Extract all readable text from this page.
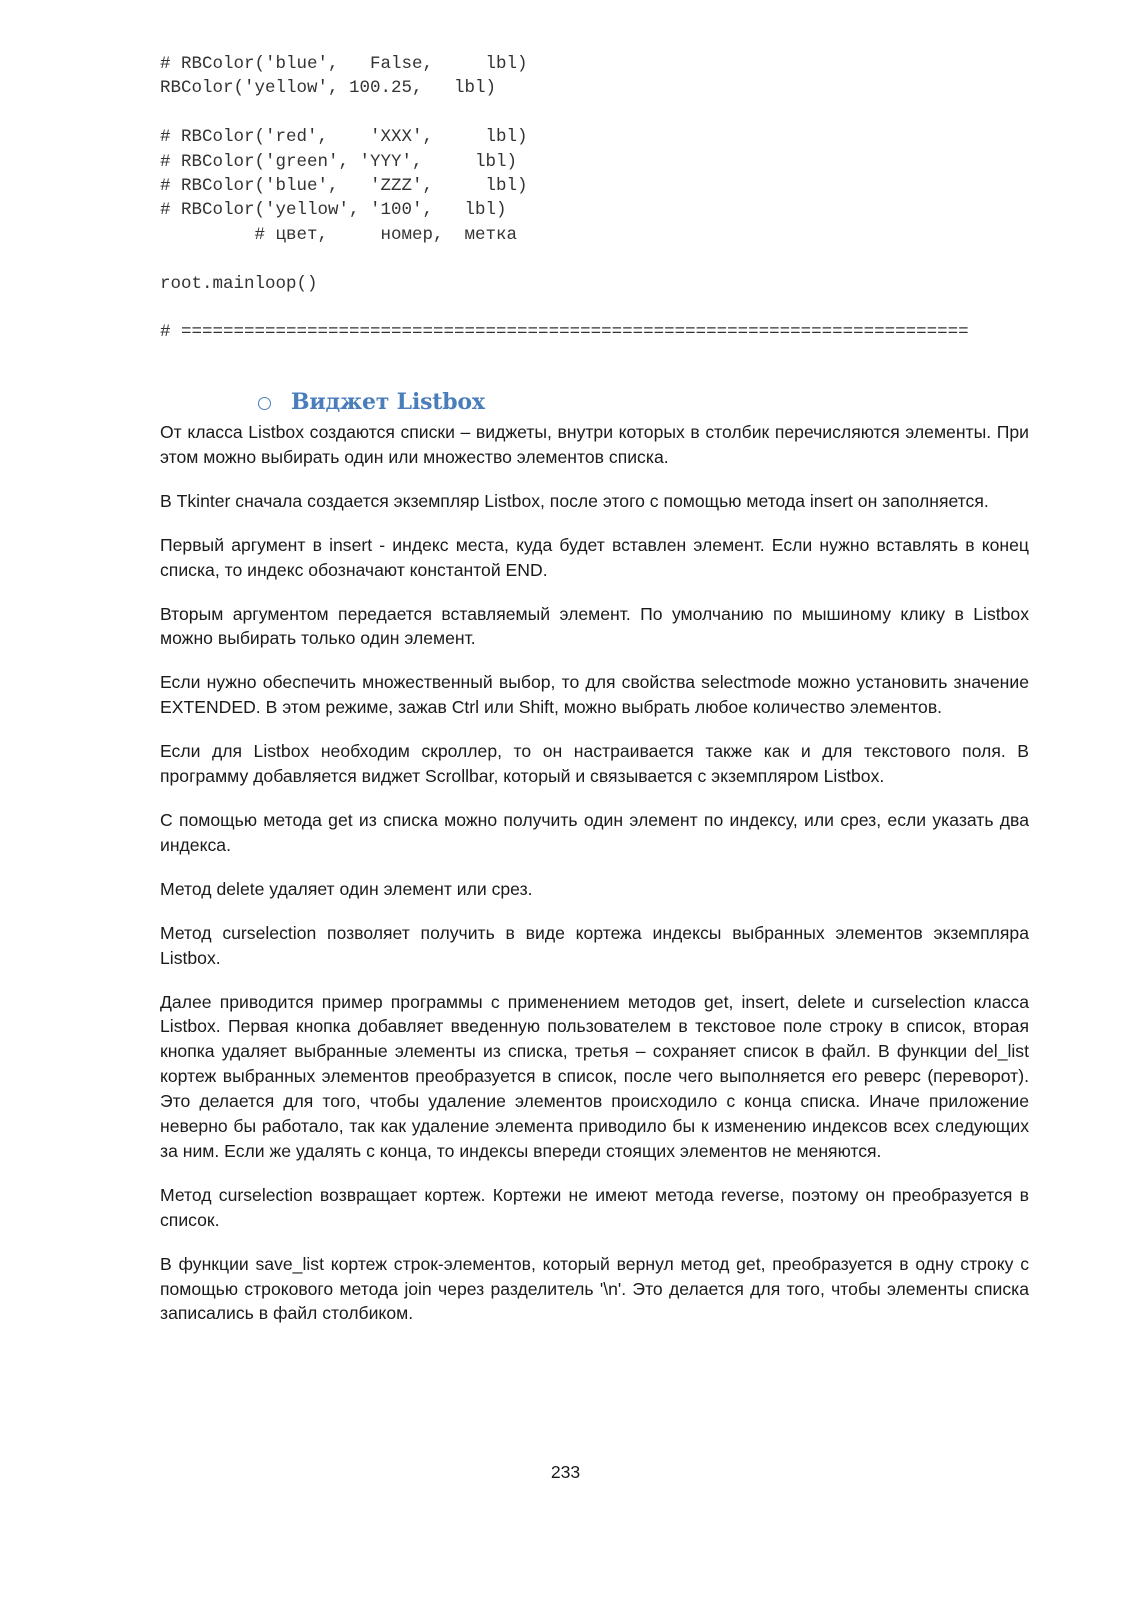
# RBColor('blue',   False,     lbl)
RBColor('yellow', 100.25,   lbl)
# RBColor('red',    'XXX',     lbl)
# RBColor('green', 'YYY',     lbl)
# RBColor('blue',   'ZZZ',     lbl)
# RBColor('yellow', '100',   lbl)
# цвет,     номер,  метка
root.mainloop()
# ===========================================================================
Виджет Listbox

От класса Listbox создаются списки – виджеты, внутри которых в столбик перечисляются элементы. При этом можно выбирать один или множество элементов списка.

В Tkinter сначала создается экземпляр Listbox, после этого с помощью метода insert он заполняется.

Первый аргумент в insert - индекс места, куда будет вставлен элемент. Если нужно вставлять в конец списка, то индекс обозначают константой END.

Вторым аргументом передается вставляемый элемент. По умолчанию по мышиному клику в Listbox можно выбирать только один элемент.

Если нужно обеспечить множественный выбор, то для свойства selectmode можно установить значение EXTENDED. В этом режиме, зажав Ctrl или Shift, можно выбрать любое количество элементов.

Если для Listbox необходим скроллер, то он настраивается также как и для текстового поля. В программу добавляется виджет Scrollbar, который и связывается с экземпляром Listbox.

С помощью метода get из списка можно получить один элемент по индексу, или срез, если указать два индекса.

Метод delete удаляет один элемент или срез.

Метод curselection позволяет получить в виде кортежа индексы выбранных элементов экземпляра Listbox.

Далее приводится пример программы с применением методов get, insert, delete и curselection класса Listbox. Первая кнопка добавляет введенную пользователем в текстовое поле строку в список, вторая кнопка удаляет выбранные элементы из списка, третья – сохраняет список в файл. В функции del_list кортеж выбранных элементов преобразуется в список, после чего выполняется его реверс (переворот). Это делается для того, чтобы удаление элементов происходило с конца списка. Иначе приложение неверно бы работало, так как удаление элемента приводило бы к изменению индексов всех следующих за ним. Если же удалять с конца, то индексы впереди стоящих элементов не меняются.

Метод curselection возвращает кортеж. Кортежи не имеют метода reverse, поэтому он преобразуется в список.

В функции save_list кортеж строк-элементов, который вернул метод get, преобразуется в одну строку с помощью строкового метода join через разделитель '\n'. Это делается для того, чтобы элементы списка записались в файл столбиком.

233
